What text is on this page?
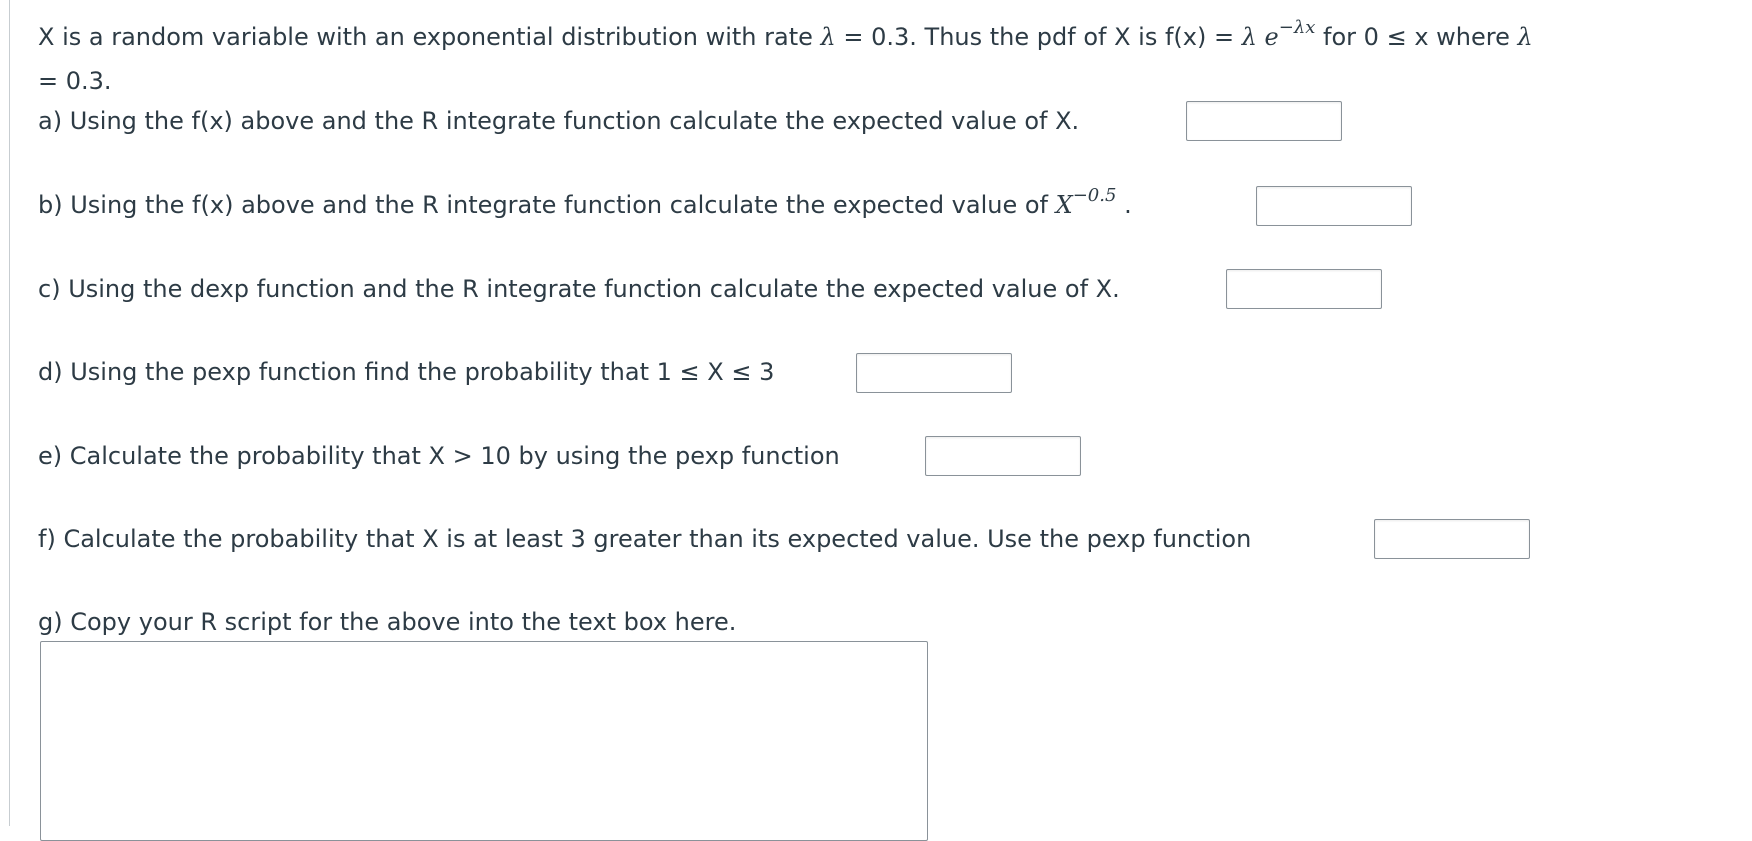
X is a random variable with an exponential distribution with rate λ = 0.3. Thus the pdf of X is f(x) = λ $e^{-\lambda x}$ for 0 ≤ x where λ
= 0.3.
a) Using the f(x) above and the R integrate function calculate the expected value of X.
b) Using the f(x) above and the R integrate function calculate the expected value of $X^{-0.5}$ .
c) Using the dexp function and the R integrate function calculate the expected value of X.
d) Using the pexp function find the probability that 1 ≤ X ≤ 3
e) Calculate the probability that X > 10 by using the pexp function
f) Calculate the probability that X is at least 3 greater than its expected value. Use the pexp function
g) Copy your R script for the above into the text box here.
